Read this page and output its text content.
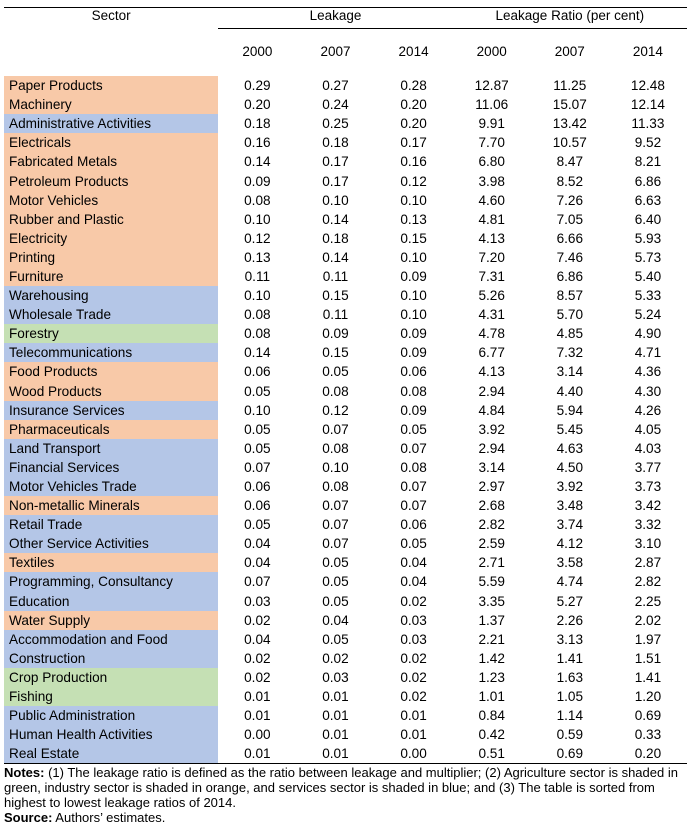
Sector	Leakage			Leakage Ratio (per cent)		
	2000	2007	2014	2000	2007	2014
Paper Products	0.29	0.27	0.28	12.87	11.25	12.48
Machinery	0.20	0.24	0.20	11.06	15.07	12.14
Administrative Activities	0.18	0.25	0.20	9.91	13.42	11.33
Electricals	0.16	0.18	0.17	7.70	10.57	9.52
Fabricated Metals	0.14	0.17	0.16	6.80	8.47	8.21
Petroleum Products	0.09	0.17	0.12	3.98	8.52	6.86
Motor Vehicles	0.08	0.10	0.10	4.60	7.26	6.63
Rubber and Plastic	0.10	0.14	0.13	4.81	7.05	6.40
Electricity	0.12	0.18	0.15	4.13	6.66	5.93
Printing	0.13	0.14	0.10	7.20	7.46	5.73
Furniture	0.11	0.11	0.09	7.31	6.86	5.40
Warehousing	0.10	0.15	0.10	5.26	8.57	5.33
Wholesale Trade	0.08	0.11	0.10	4.31	5.70	5.24
Forestry	0.08	0.09	0.09	4.78	4.85	4.90
Telecommunications	0.14	0.15	0.09	6.77	7.32	4.71
Food Products	0.06	0.05	0.06	4.13	3.14	4.36
Wood Products	0.05	0.08	0.08	2.94	4.40	4.30
Insurance Services	0.10	0.12	0.09	4.84	5.94	4.26
Pharmaceuticals	0.05	0.07	0.05	3.92	5.45	4.05
Land Transport	0.05	0.08	0.07	2.94	4.63	4.03
Financial Services	0.07	0.10	0.08	3.14	4.50	3.77
Motor Vehicles Trade	0.06	0.08	0.07	2.97	3.92	3.73
Non-metallic Minerals	0.06	0.07	0.07	2.68	3.48	3.42
Retail Trade	0.05	0.07	0.06	2.82	3.74	3.32
Other Service Activities	0.04	0.07	0.05	2.59	4.12	3.10
Textiles	0.04	0.05	0.04	2.71	3.58	2.87
Programming, Consultancy	0.07	0.05	0.04	5.59	4.74	2.82
Education	0.03	0.05	0.02	3.35	5.27	2.25
Water Supply	0.02	0.04	0.03	1.37	2.26	2.02
Accommodation and Food	0.04	0.05	0.03	2.21	3.13	1.97
Construction	0.02	0.02	0.02	1.42	1.41	1.51
Crop Production	0.02	0.03	0.02	1.23	1.63	1.41
Fishing	0.01	0.01	0.02	1.01	1.05	1.20
Public Administration	0.01	0.01	0.01	0.84	1.14	0.69
Human Health Activities	0.00	0.01	0.01	0.42	0.59	0.33
Real Estate	0.01	0.01	0.00	0.51	0.69	0.20

Notes: (1) The leakage ratio is defined as the ratio between leakage and multiplier; (2) Agriculture sector is shaded in green, industry sector is shaded in orange, and services sector is shaded in blue; and (3) The table is sorted from highest to lowest leakage ratios of 2014.
Source: Authors’ estimates.
